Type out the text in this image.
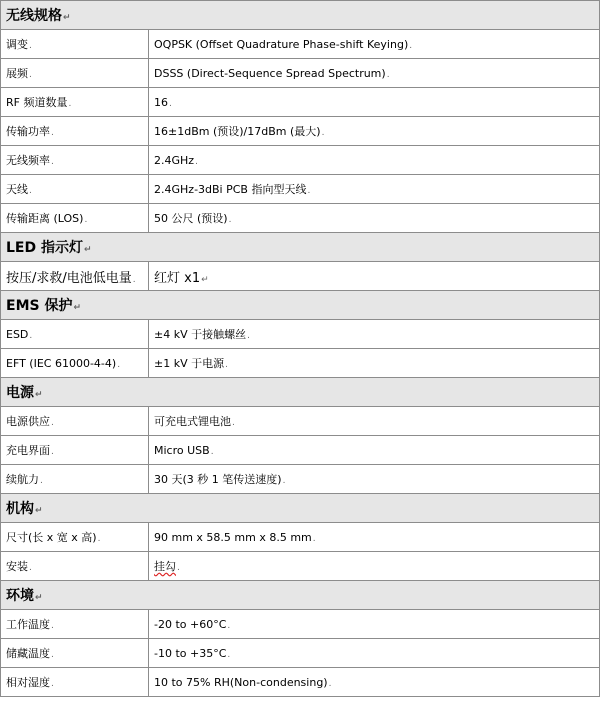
无线规格↵	
调变.	OQPSK (Offset Quadrature Phase-shift Keying).
展频.	DSSS (Direct-Sequence Spread Spectrum).
RF 频道数量.	16.
传输功率.	16±1dBm (预设)/17dBm (最大).
无线频率.	2.4GHz.
天线.	2.4GHz-3dBi PCB 指向型天线.
传输距离 (LOS).	50 公尺 (预设).
LED 指示灯↵	
按压/求救/电池低电量.	红灯 x1↵
EMS 保护↵	
ESD.	±4 kV 于接触螺丝.
EFT (IEC 61000-4-4).	±1 kV 于电源.
电源↵	
电源供应.	可充电式锂电池.
充电界面.	Micro USB.
续航力.	30 天(3 秒 1 笔传送速度).
机构↵	
尺寸(长 x 宽 x 高).	90 mm x 58.5 mm x 8.5 mm.
安装.	挂勾.
环境↵	
工作温度.	-20 to +60°C.
储藏温度.	-10 to +35°C.
相对湿度.	10 to 75% RH(Non-condensing).
